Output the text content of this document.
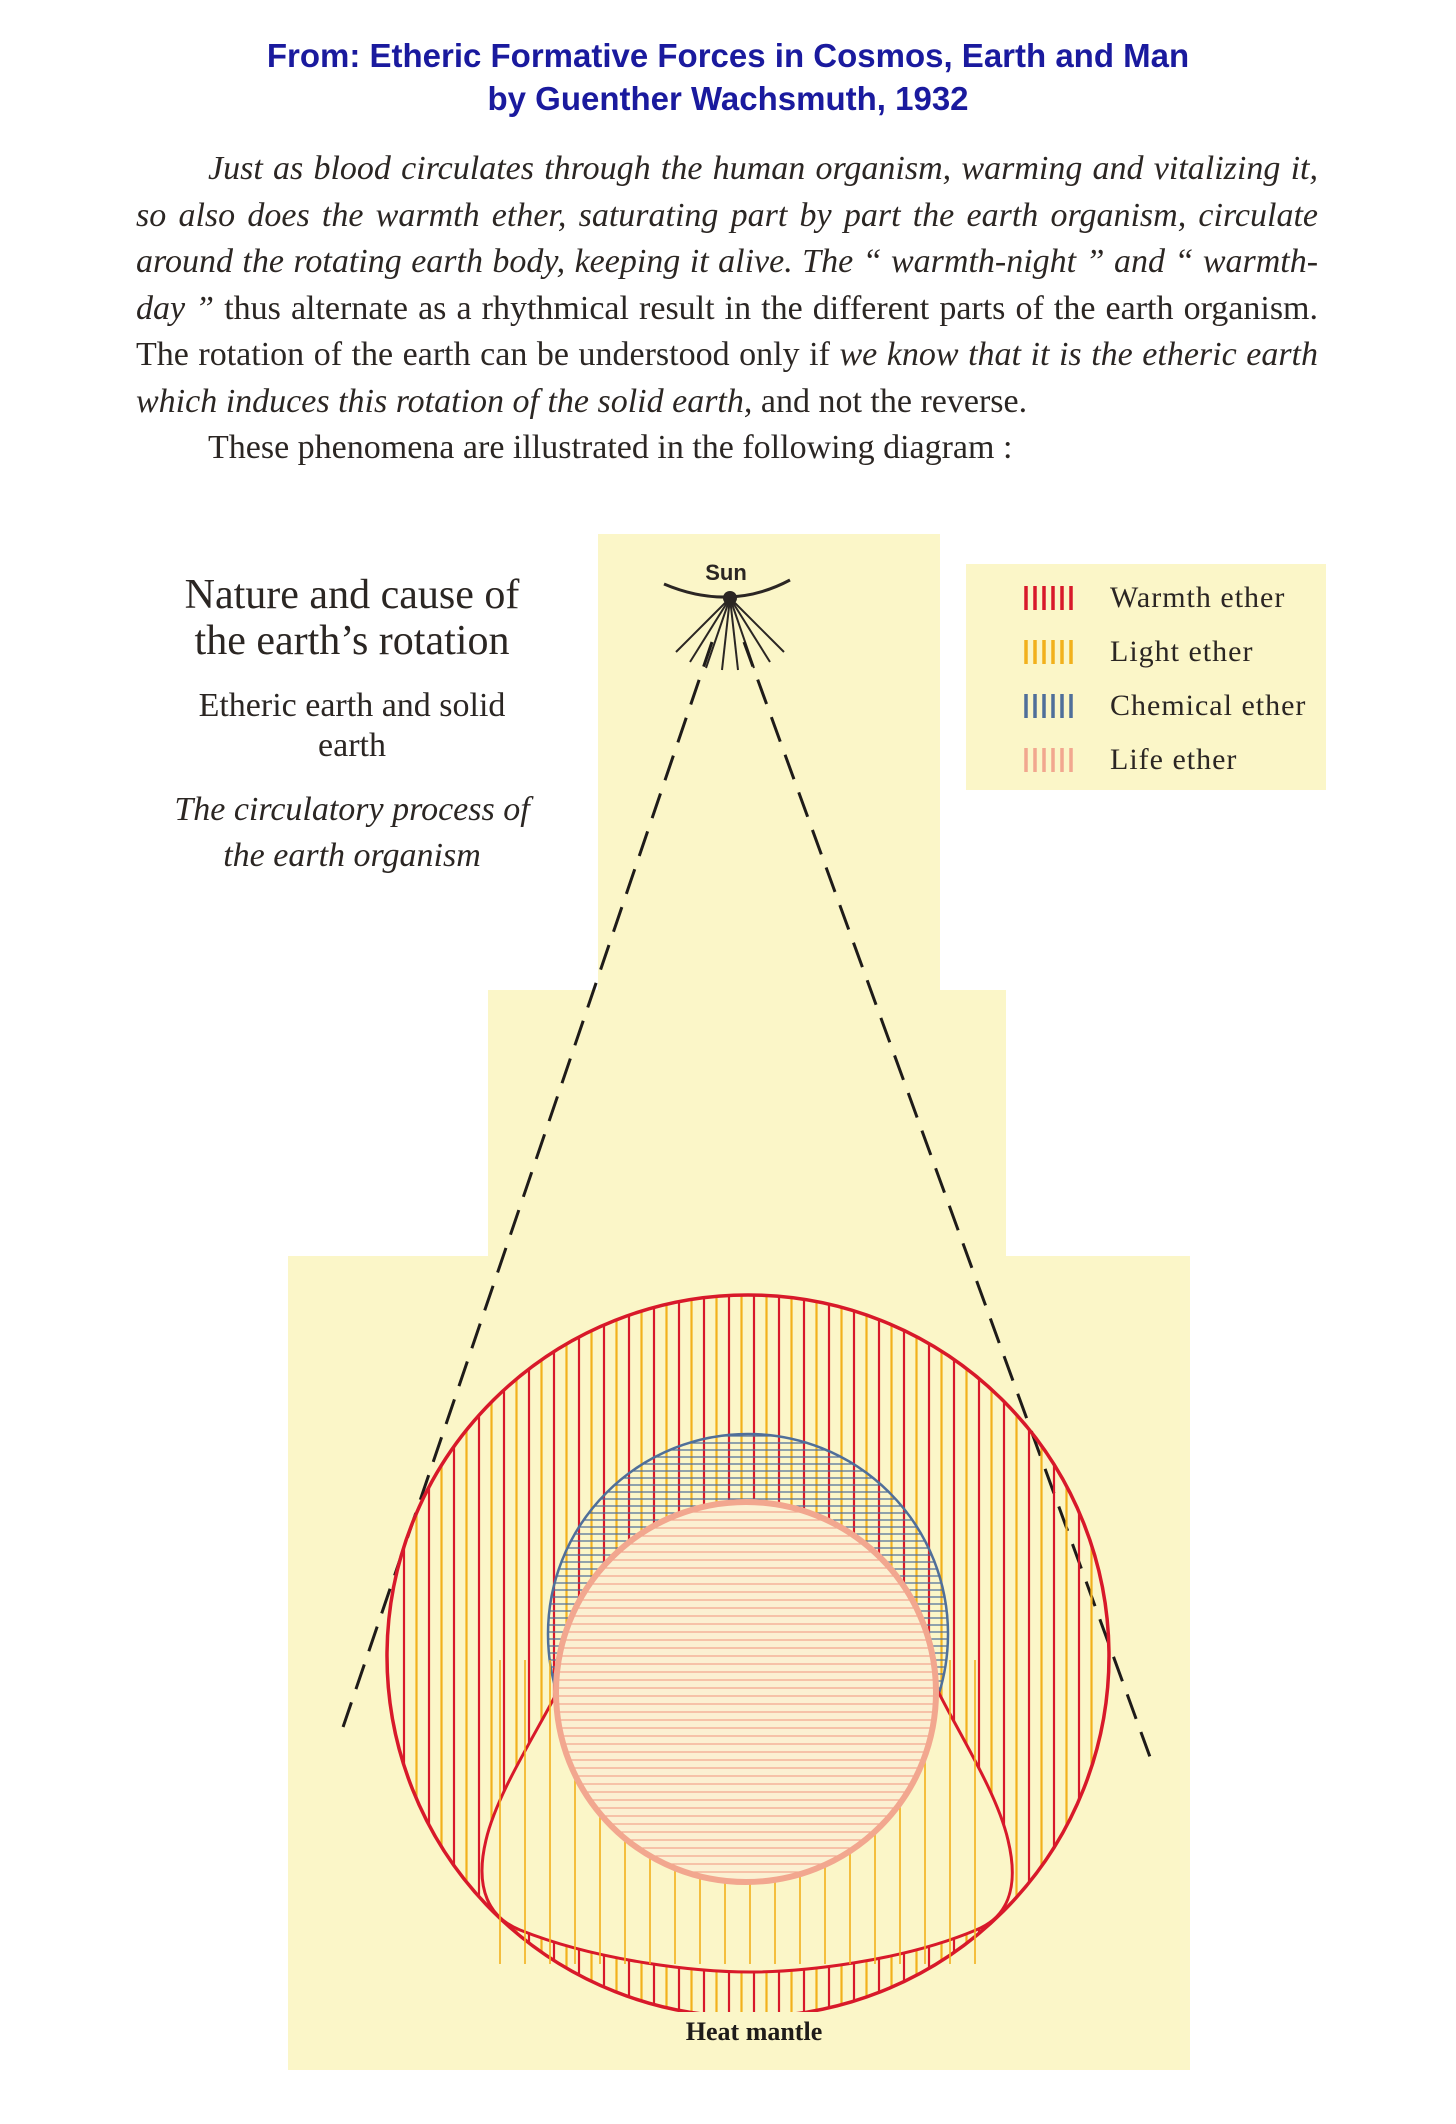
From: Etheric Formative Forces in Cosmos, Earth and Man
by Guenther Wachsmuth, 1932

Just as blood circulates through the human organism, warming and vitalizing it, so also does the warmth ether, saturating part by part the earth organism, circulate around the rotating earth body, keeping it alive. The “ warmth-night ” and “ warmth-day ” thus alternate as a rhythmical result in the different parts of the earth organism. The rotation of the earth can be understood only if we know that it is the etheric earth which induces this rotation of the solid earth, and not the reverse.

These phenomena are illustrated in the following diagram :

Sun
Heat mantle
Nature and cause of
the earth’s rotation
Etheric earth and solid
earth
The circulatory process of
the earth organism
Warmth ether
Light ether
Chemical ether
Life ether
